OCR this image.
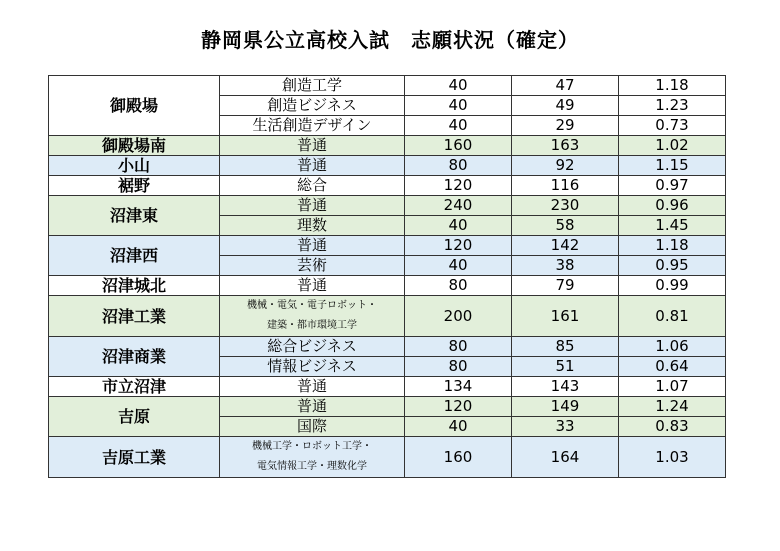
静岡県公立高校入試　志願状況（確定）
御殿場	創造工学	40	47	1.18
	創造ビジネス	40	49	1.23
	生活創造デザイン	40	29	0.73
御殿場南	普通	160	163	1.02
小山	普通	80	92	1.15
裾野	総合	120	116	0.97
沼津東	普通	240	230	0.96
	理数	40	58	1.45
沼津西	普通	120	142	1.18
	芸術	40	38	0.95
沼津城北	普通	80	79	0.99
沼津工業	機械・電気・電子ロボット・
建築・都市環境工学	200	161	0.81
沼津商業	総合ビジネス	80	85	1.06
	情報ビジネス	80	51	0.64
市立沼津	普通	134	143	1.07
吉原	普通	120	149	1.24
	国際	40	33	0.83
吉原工業	機械工学・ロボット工学・
電気情報工学・理数化学	160	164	1.03
